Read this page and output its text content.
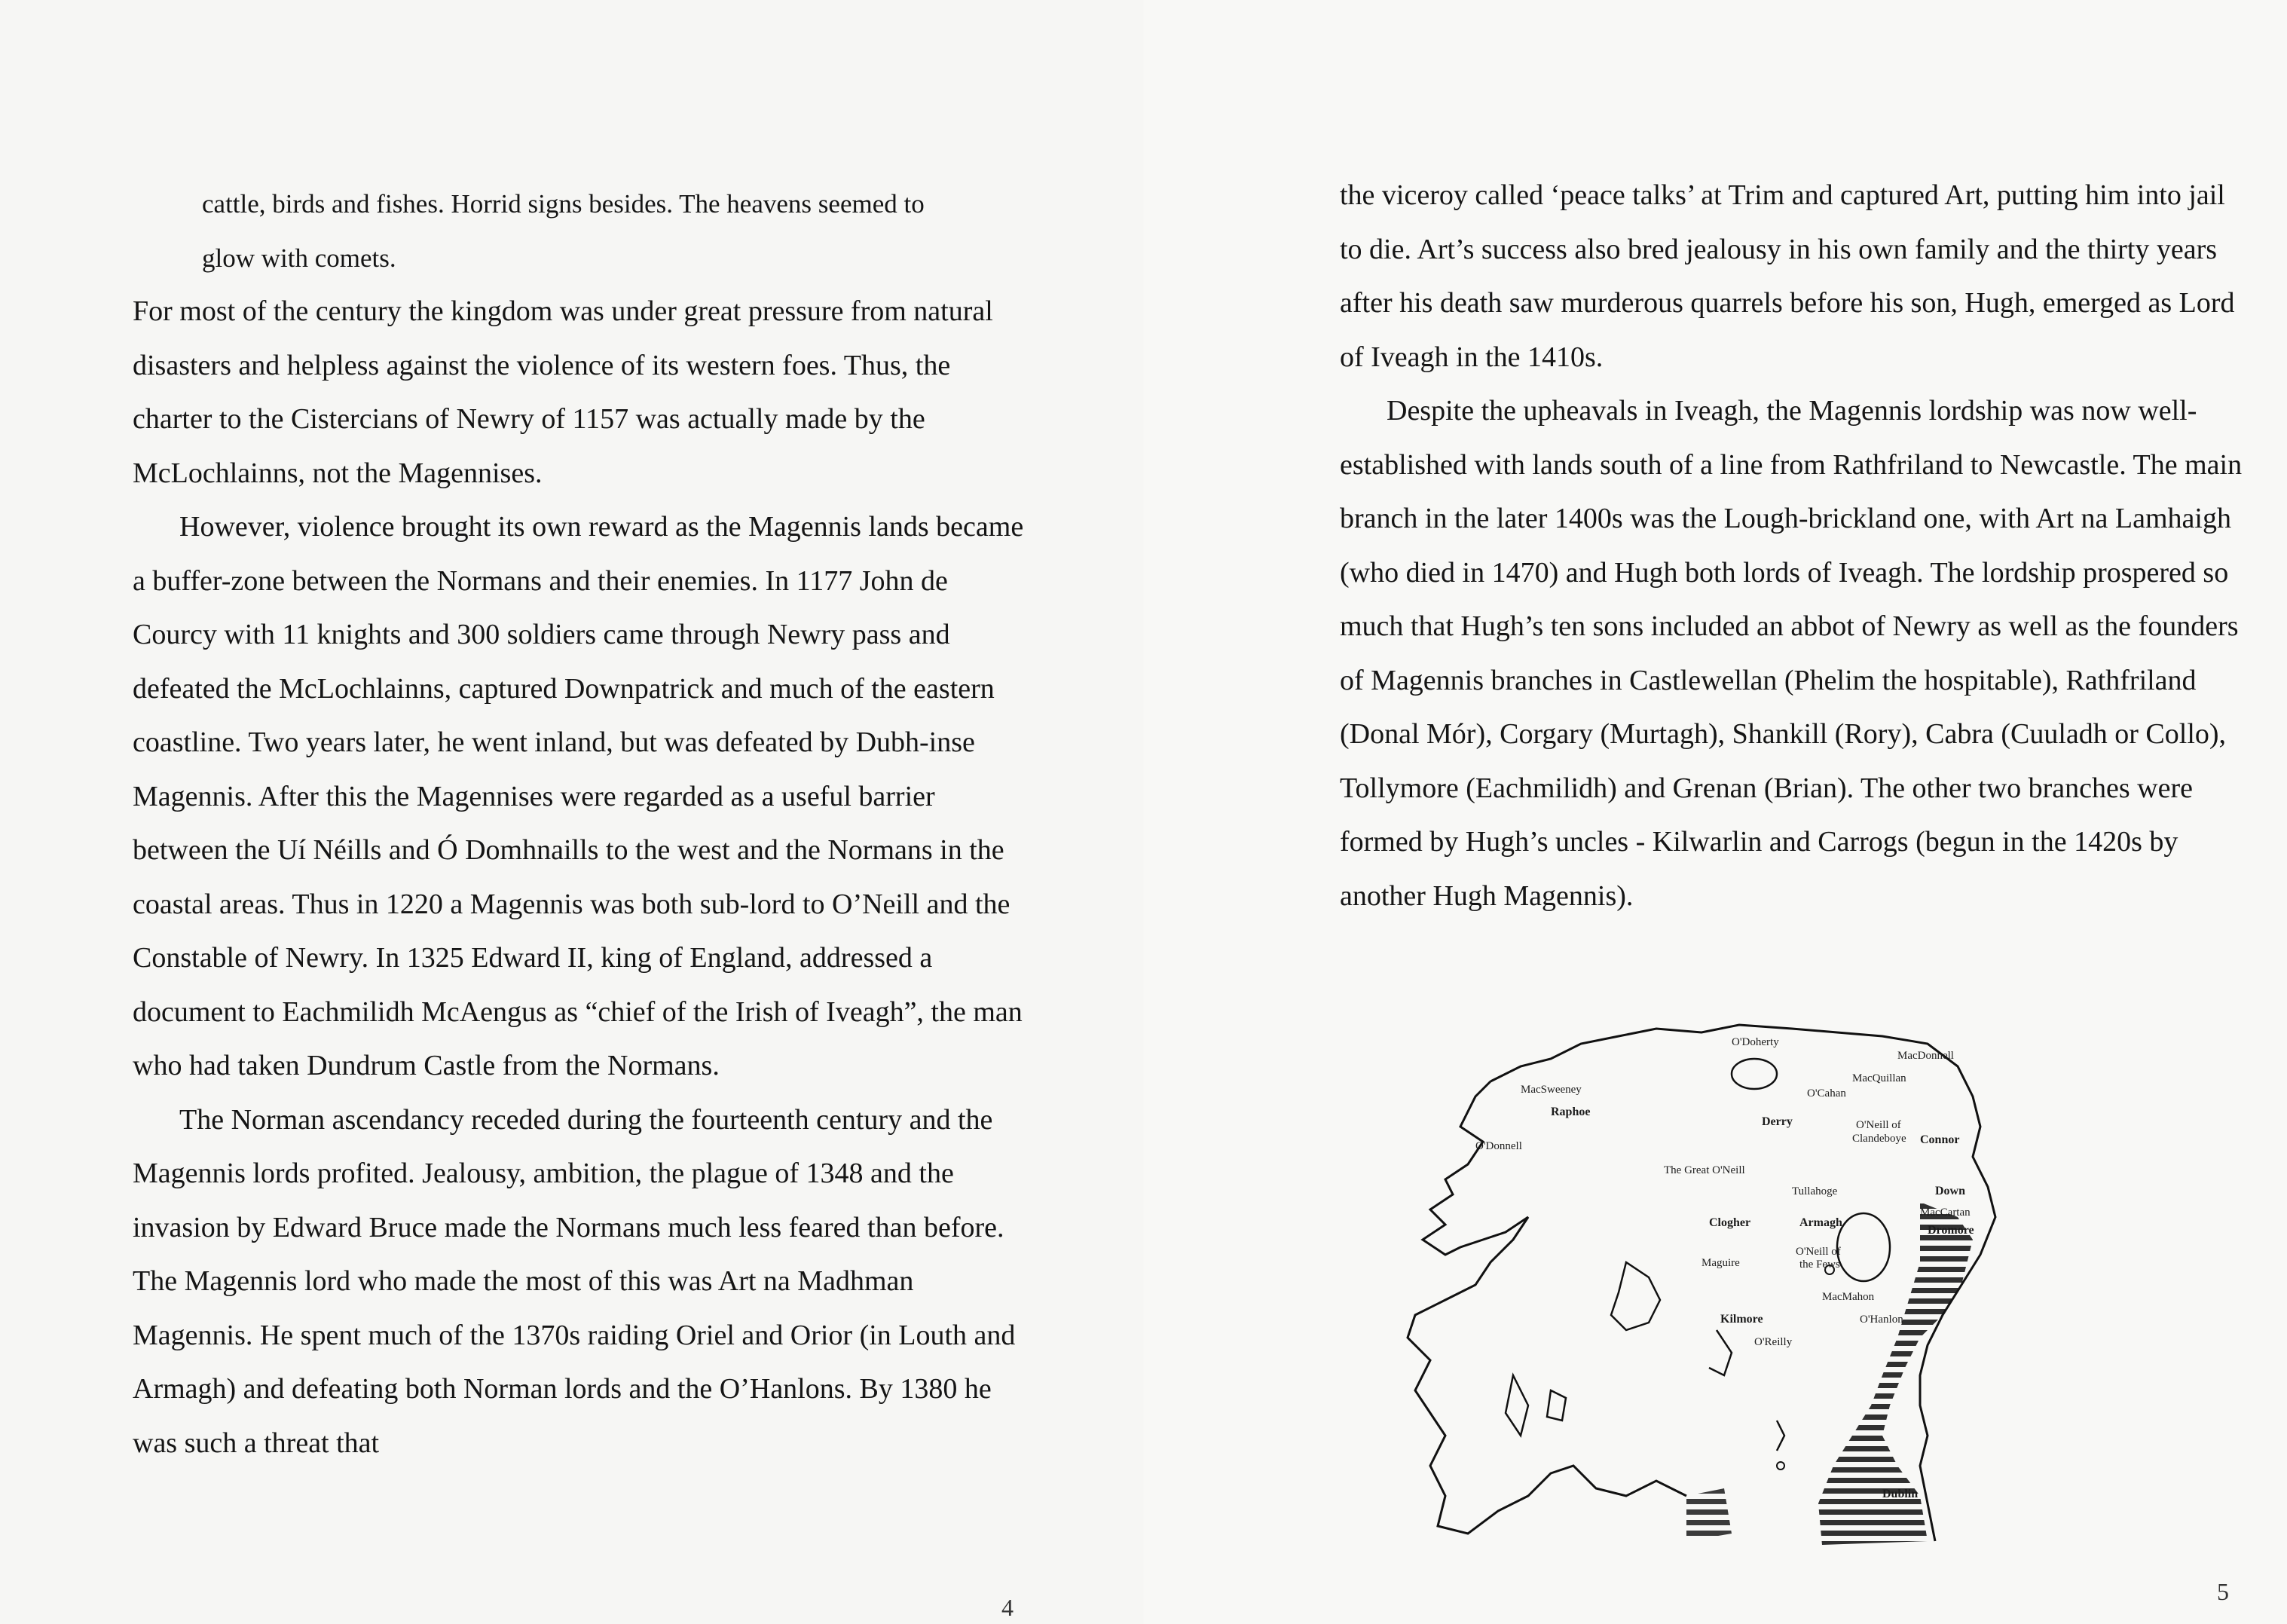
cattle, birds and fishes. Horrid signs besides. The heavens seemed to

glow with comets.

For most of the century the kingdom was under great pressure from natural disasters and helpless against the violence of its western foes. Thus, the charter to the Cistercians of Newry of 1157 was actually made by the McLochlainns, not the Magennises.

However, violence brought its own reward as the Magennis lands became a buffer-zone between the Normans and their enemies. In 1177 John de Courcy with 11 knights and 300 soldiers came through Newry pass and defeated the McLochlainns, captured Downpatrick and much of the eastern coastline. Two years later, he went inland, but was defeated by Dubh-inse Magennis. After this the Magennises were regarded as a useful barrier between the Uí Néills and Ó Domhnaills to the west and the Normans in the coastal areas. Thus in 1220 a Magennis was both sub-lord to O’Neill and the Constable of Newry. In 1325 Edward II, king of England, addressed a document to Eachmilidh McAengus as “chief of the Irish of Iveagh”, the man who had taken Dundrum Castle from the Normans.

The Norman ascendancy receded during the fourteenth century and the Magennis lords profited. Jealousy, ambition, the plague of 1348 and the invasion by Edward Bruce made the Normans much less feared than before. The Magennis lord who made the most of this was Art na Madhman Magennis. He spent much of the 1370s raiding Oriel and Orior (in Louth and Armagh) and defeating both Norman lords and the O’Hanlons. By 1380 he was such a threat that

4

the viceroy called ‘peace talks’ at Trim and captured Art, putting him into jail to die. Art’s success also bred jealousy in his own family and the thirty years after his death saw murderous quarrels before his son, Hugh, emerged as Lord of Iveagh in the 1410s.

Despite the upheavals in Iveagh, the Magennis lordship was now well-established with lands south of a line from Rathfriland to Newcastle. The main branch in the later 1400s was the Lough-brickland one, with Art na Lamhaigh (who died in 1470) and Hugh both lords of Iveagh. The lordship prospered so much that Hugh’s ten sons included an abbot of Newry as well as the founders of Magennis branches in Castlewellan (Phelim the hospitable), Rathfriland (Donal Mór), Corgary (Murtagh), Shankill (Rory), Cabra (Cuuladh or Collo), Tollymore (Eachmilidh) and Grenan (Brian). The other two branches were formed by Hugh’s uncles - Kilwarlin and Carrogs (begun in the 1420s by another Hugh Magennis).

O'Doherty
MacDonnell
MacQuillan
O'Cahan
MacSweeney
Raphoe
Derry	O'Neill of
Clandeboye Connor
O'Donnell
The Great O'Neill
Tullahoge	Down
MacCartan
Dromore
Clogher	Armagh
O'Neill of
the Fews
Maguire
MacMahon
Kilmore	O'Hanlon
O'Reilly
Dublin
5
